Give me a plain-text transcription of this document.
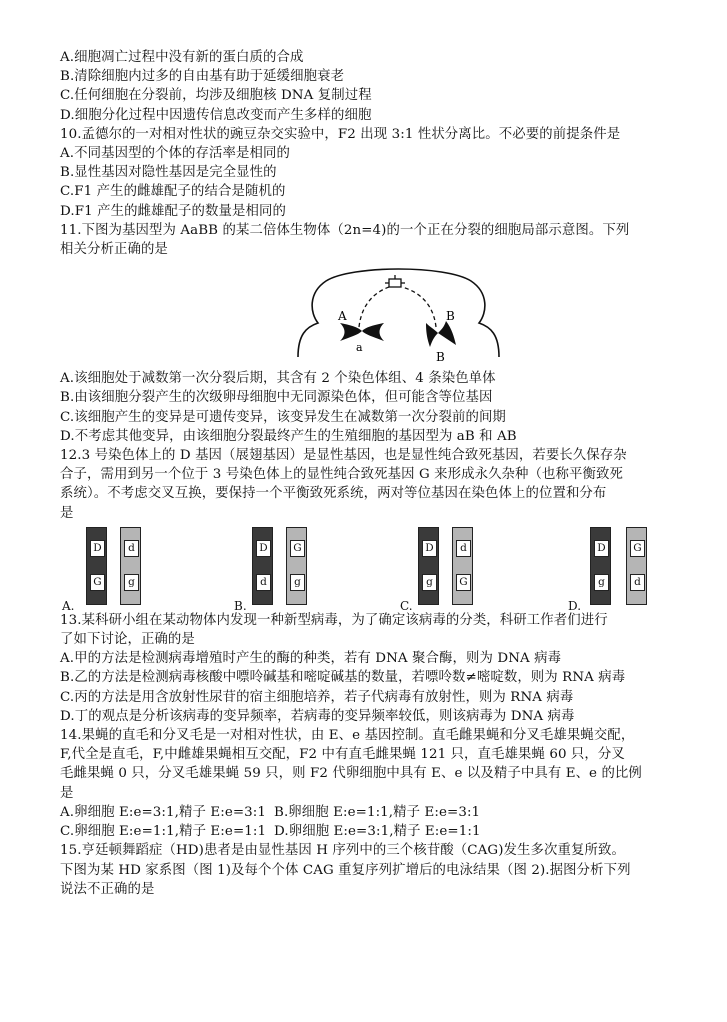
A.细胞凋亡过程中没有新的蛋白质的合成
B.清除细胞内过多的自由基有助于延缓细胞衰老
C.任何细胞在分裂前，均涉及细胞核 DNA 复制过程
D.细胞分化过程中因遗传信息改变而产生多样的细胞
10.孟德尔的一对相对性状的豌豆杂交实验中，F2 出现 3:1 性状分离比。不必要的前提条件是
A.不同基因型的个体的存活率是相同的
B.显性基因对隐性基因是完全显性的
C.F1 产生的雌雄配子的结合是随机的
D.F1 产生的雌雄配子的数量是相同的
11.下图为基因型为 AaBB 的某二倍体生物体（2n=4)的一个正在分裂的细胞局部示意图。下列
相关分析正确的是
A
a
B
B
A.该细胞处于减数第一次分裂后期，其含有 2 个染色体组、4 条染色单体
B.由该细胞分裂产生的次级卵母细胞中无同源染色体，但可能含等位基因
C.该细胞产生的变异是可遗传变异，该变异发生在减数第一次分裂前的间期
D.不考虑其他变异，由该细胞分裂最终产生的生殖细胞的基因型为 aB 和 AB
12.3 号染色体上的 D 基因（展翅基因）是显性基因，也是显性纯合致死基因，若要长久保存杂
合子，需用到另一个位于 3 号染色体上的显性纯合致死基因 G 来形成永久杂种（也称平衡致死
系统）。不考虑交叉互换，要保持一个平衡致死系统，两对等位基因在染色体上的位置和分布
是
D
G
d
g
A.
D
d
G
g
B.
D
g
d
G
C.
D
g
G
d
D.
13.某科研小组在某动物体内发现一种新型病毒，为了确定该病毒的分类，科研工作者们进行
了如下讨论，正确的是
A.甲的方法是检测病毒增殖时产生的酶的种类，若有 DNA 聚合酶，则为 DNA 病毒
B.乙的方法是检测病毒核酸中嘌呤碱基和嘧啶碱基的数量，若嘌呤数≠嘧啶数，则为 RNA 病毒
C.丙的方法是用含放射性尿苷的宿主细胞培养，若子代病毒有放射性，则为 RNA 病毒
D.丁的观点是分析该病毒的变异频率，若病毒的变异频率较低，则该病毒为 DNA 病毒
14.果蝇的直毛和分叉毛是一对相对性状，由 E、e 基因控制。直毛雌果蝇和分叉毛雄果蝇交配，
F,代全是直毛，F,中雌雄果蝇相互交配，F2 中有直毛雌果蝇 121 只，直毛雄果蝇 60 只，分叉
毛雌果蝇 0 只，分叉毛雄果蝇 59 只，则 F2 代卵细胞中具有 E、e 以及精子中具有 E、e 的比例
是
A.卵细胞 E:e=3:1,精子 E:e=3:1 B.卵细胞 E:e=1:1,精子 E:e=3:1
C.卵细胞 E:e=1:1,精子 E:e=1:1 D.卵细胞 E:e=3:1,精子 E:e=1:1
15.亨廷顿舞蹈症（HD)患者是由显性基因 H 序列中的三个核苷酸（CAG)发生多次重复所致。
下图为某 HD 家系图（图 1)及每个个体 CAG 重复序列扩增后的电泳结果（图 2).据图分析下列
说法不正确的是
